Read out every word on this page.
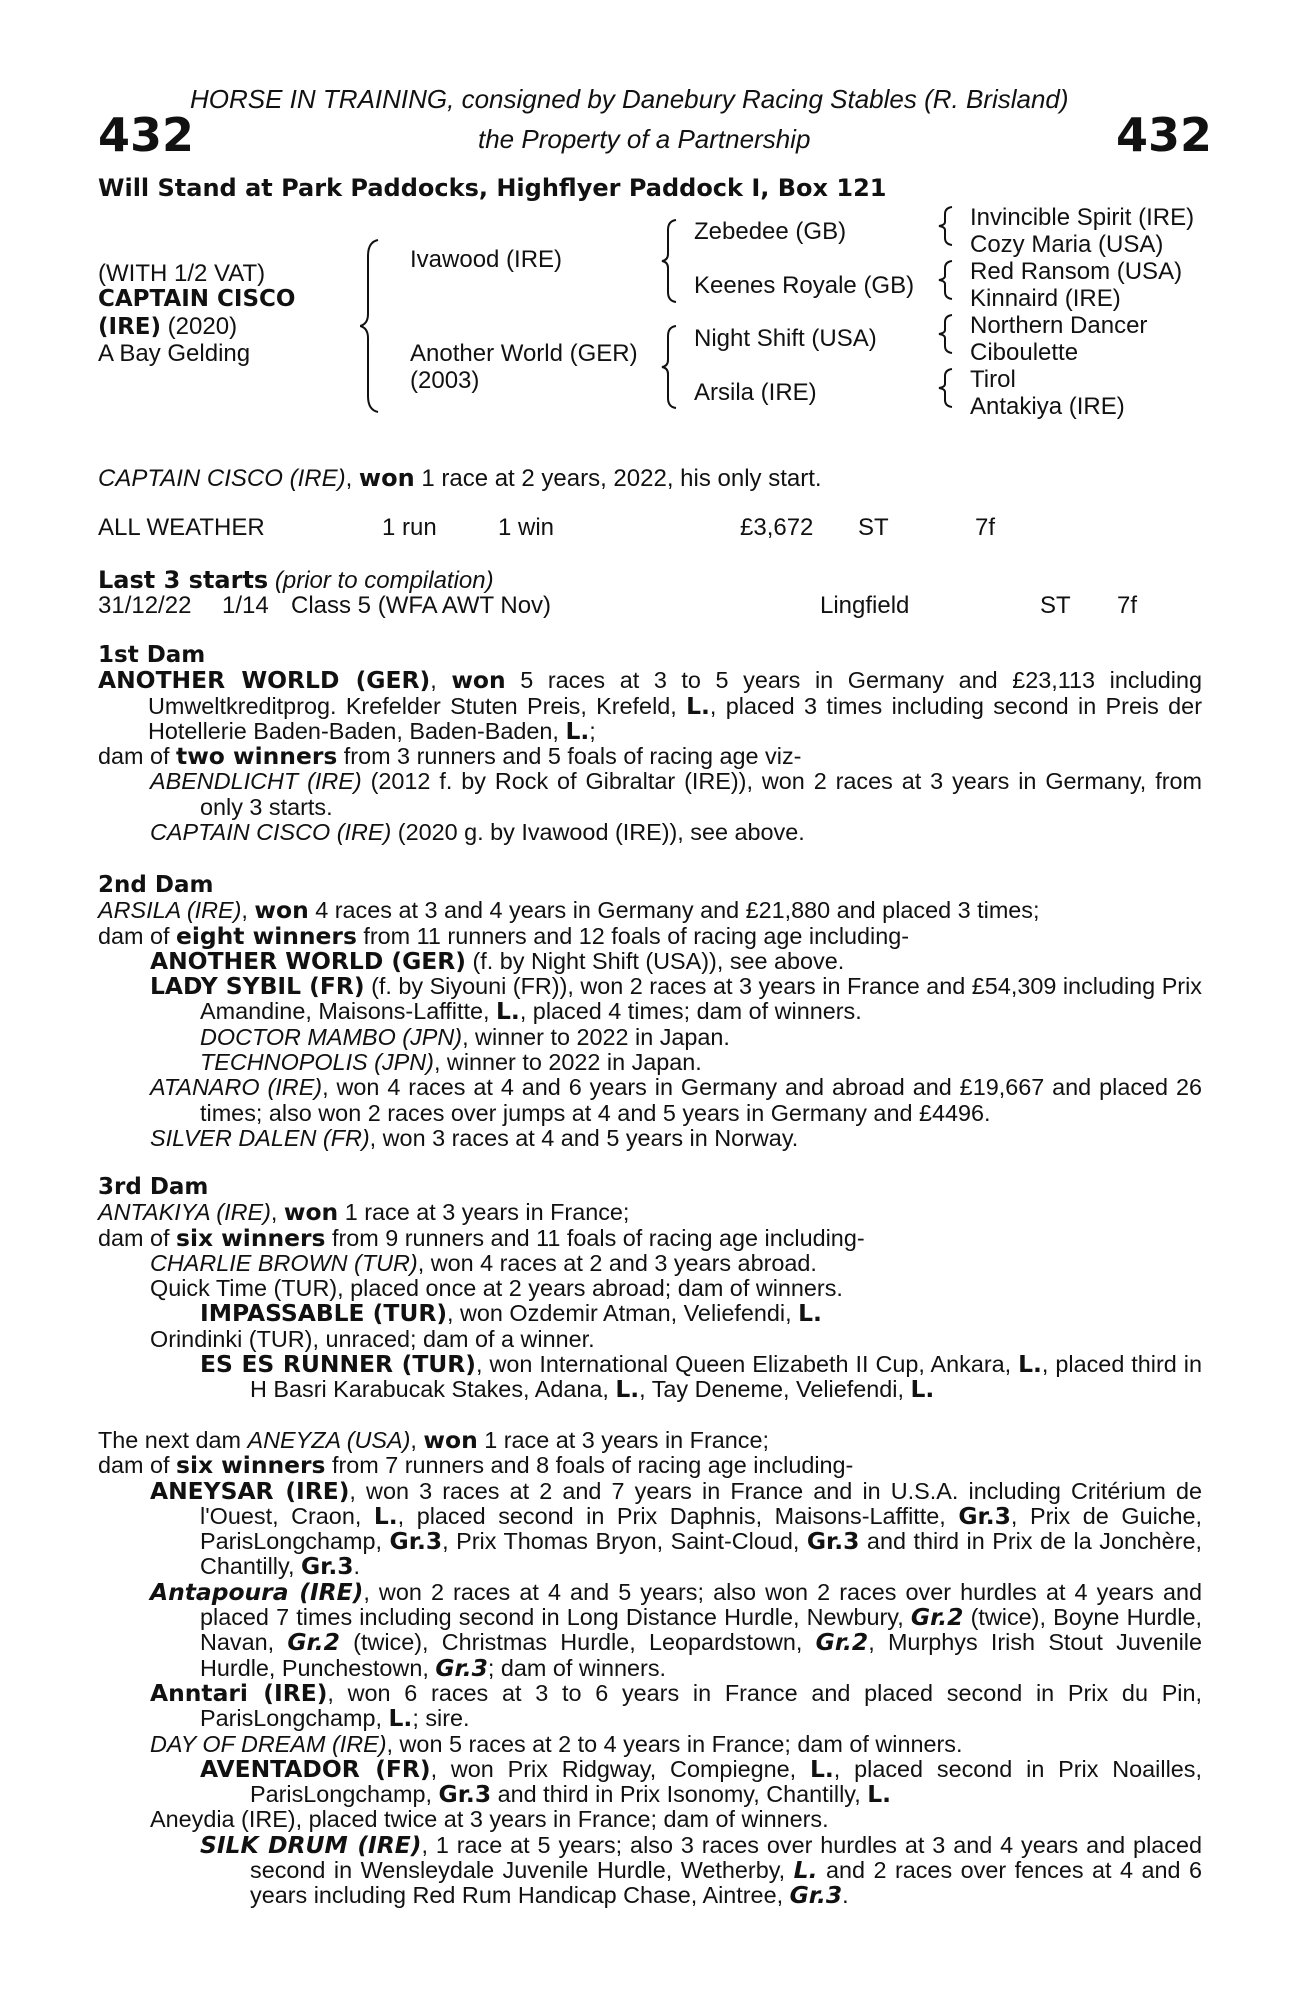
HORSE IN TRAINING, consigned by Danebury Racing Stables (R. Brisland)
432	the Property of a Partnership	432
Will Stand at Park Paddocks, Highflyer Paddock I, Box 121
(WITH 1/2 VAT)
CAPTAIN CISCO
(IRE) (2020)
A Bay Gelding
Ivawood (IRE)
Another World (GER)
(2003)
Zebedee (GB)
Keenes Royale (GB)
Night Shift (USA)
Arsila (IRE)
Invincible Spirit (IRE)
Cozy Maria (USA)
Red Ransom (USA)
Kinnaird (IRE)
Northern Dancer
Ciboulette
Tirol
Antakiya (IRE)
CAPTAIN CISCO (IRE), won 1 race at 2 years, 2022, his only start.
ALL WEATHER	1 run	1 win	£3,672 ST	7f
Last 3 starts (prior to compilation)
31/12/22 1/14 Class 5 (WFA AWT Nov)	Lingfield	ST 7f

1st Dam

ANOTHER WORLD (GER), won 5 races at 3 to 5 years in Germany and £23,113 including Umweltkreditprog. Krefelder Stuten Preis, Krefeld, L., placed 3 times including second in Preis der Hotellerie Baden-Baden, Baden-Baden, L.;

dam of two winners from 3 runners and 5 foals of racing age viz-

ABENDLICHT (IRE) (2012 f. by Rock of Gibraltar (IRE)), won 2 races at 3 years in Germany, from only 3 starts.

CAPTAIN CISCO (IRE) (2020 g. by Ivawood (IRE)), see above.

2nd Dam

ARSILA (IRE), won 4 races at 3 and 4 years in Germany and £21,880 and placed 3 times;

dam of eight winners from 11 runners and 12 foals of racing age including-

ANOTHER WORLD (GER) (f. by Night Shift (USA)), see above.

LADY SYBIL (FR) (f. by Siyouni (FR)), won 2 races at 3 years in France and £54,309 including Prix Amandine, Maisons-Laffitte, L., placed 4 times; dam of winners.

DOCTOR MAMBO (JPN), winner to 2022 in Japan.

TECHNOPOLIS (JPN), winner to 2022 in Japan.

ATANARO (IRE), won 4 races at 4 and 6 years in Germany and abroad and £19,667 and placed 26 times; also won 2 races over jumps at 4 and 5 years in Germany and £4496.

SILVER DALEN (FR), won 3 races at 4 and 5 years in Norway.

3rd Dam

ANTAKIYA (IRE), won 1 race at 3 years in France;

dam of six winners from 9 runners and 11 foals of racing age including-

CHARLIE BROWN (TUR), won 4 races at 2 and 3 years abroad.

Quick Time (TUR), placed once at 2 years abroad; dam of winners.

IMPASSABLE (TUR), won Ozdemir Atman, Veliefendi, L.

Orindinki (TUR), unraced; dam of a winner.

ES ES RUNNER (TUR), won International Queen Elizabeth II Cup, Ankara, L., placed third in H Basri Karabucak Stakes, Adana, L., Tay Deneme, Veliefendi, L.

The next dam ANEYZA (USA), won 1 race at 3 years in France;

dam of six winners from 7 runners and 8 foals of racing age including-

ANEYSAR (IRE), won 3 races at 2 and 7 years in France and in U.S.A. including Critérium de l'Ouest, Craon, L., placed second in Prix Daphnis, Maisons-Laffitte, Gr.3, Prix de Guiche, ParisLongchamp, Gr.3, Prix Thomas Bryon, Saint-Cloud, Gr.3 and third in Prix de la Jonchère, Chantilly, Gr.3.

Antapoura (IRE), won 2 races at 4 and 5 years; also won 2 races over hurdles at 4 years and placed 7 times including second in Long Distance Hurdle, Newbury, Gr.2 (twice), Boyne Hurdle, Navan, Gr.2 (twice), Christmas Hurdle, Leopardstown, Gr.2, Murphys Irish Stout Juvenile Hurdle, Punchestown, Gr.3; dam of winners.

Anntari (IRE), won 6 races at 3 to 6 years in France and placed second in Prix du Pin, ParisLongchamp, L.; sire.

DAY OF DREAM (IRE), won 5 races at 2 to 4 years in France; dam of winners.

AVENTADOR (FR), won Prix Ridgway, Compiegne, L., placed second in Prix Noailles, ParisLongchamp, Gr.3 and third in Prix Isonomy, Chantilly, L.

Aneydia (IRE), placed twice at 3 years in France; dam of winners.

SILK DRUM (IRE), 1 race at 5 years; also 3 races over hurdles at 3 and 4 years and placed second in Wensleydale Juvenile Hurdle, Wetherby, L. and 2 races over fences at 4 and 6 years including Red Rum Handicap Chase, Aintree, Gr.3.
